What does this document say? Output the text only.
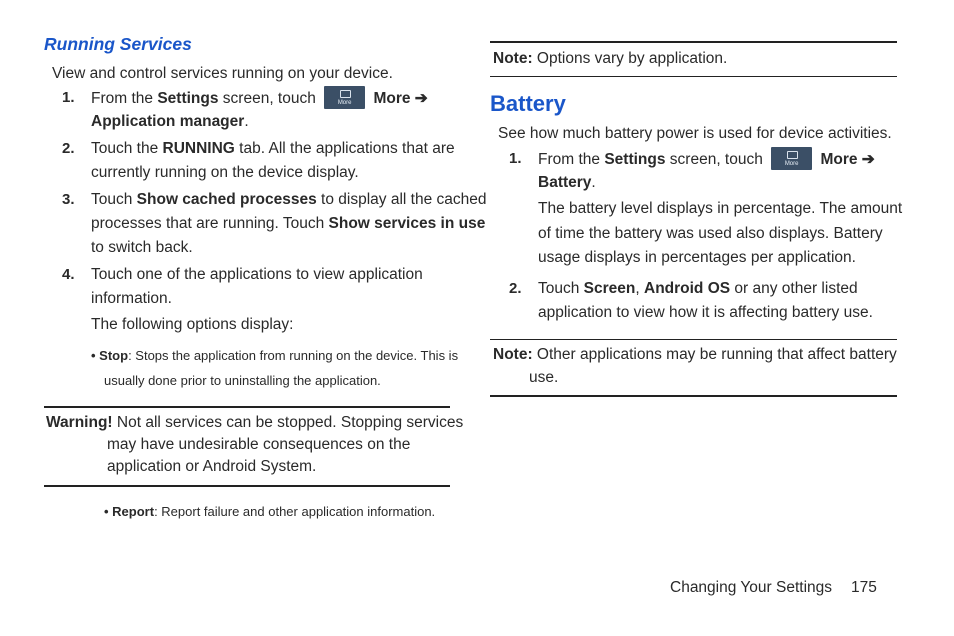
Running Services
View and control services running on your device.
1. From the Settings screen, touch	More	More ➔
Application manager.
2. Touch the RUNNING tab. All the applications that are
currently running on the device display.
3. Touch Show cached processes to display all the cached
processes that are running. Touch Show services in use
to switch back.
4. Touch one of the applications to view application
information.
The following options display:
• Stop: Stops the application from running on the device. This is
usually done prior to uninstalling the application.
Warning! Not all services can be stopped. Stopping services
may have undesirable consequences on the
application or Android System.
• Report: Report failure and other application information.
Note: Options vary by application.
Battery
See how much battery power is used for device activities.
1. From the Settings screen, touch	More	More ➔
Battery.
The battery level displays in percentage. The amount
of time the battery was used also displays. Battery
usage displays in percentages per application.
2. Touch Screen, Android OS or any other listed
application to view how it is affecting battery use.
Note: Other applications may be running that affect battery
use.
Changing Your Settings 175
